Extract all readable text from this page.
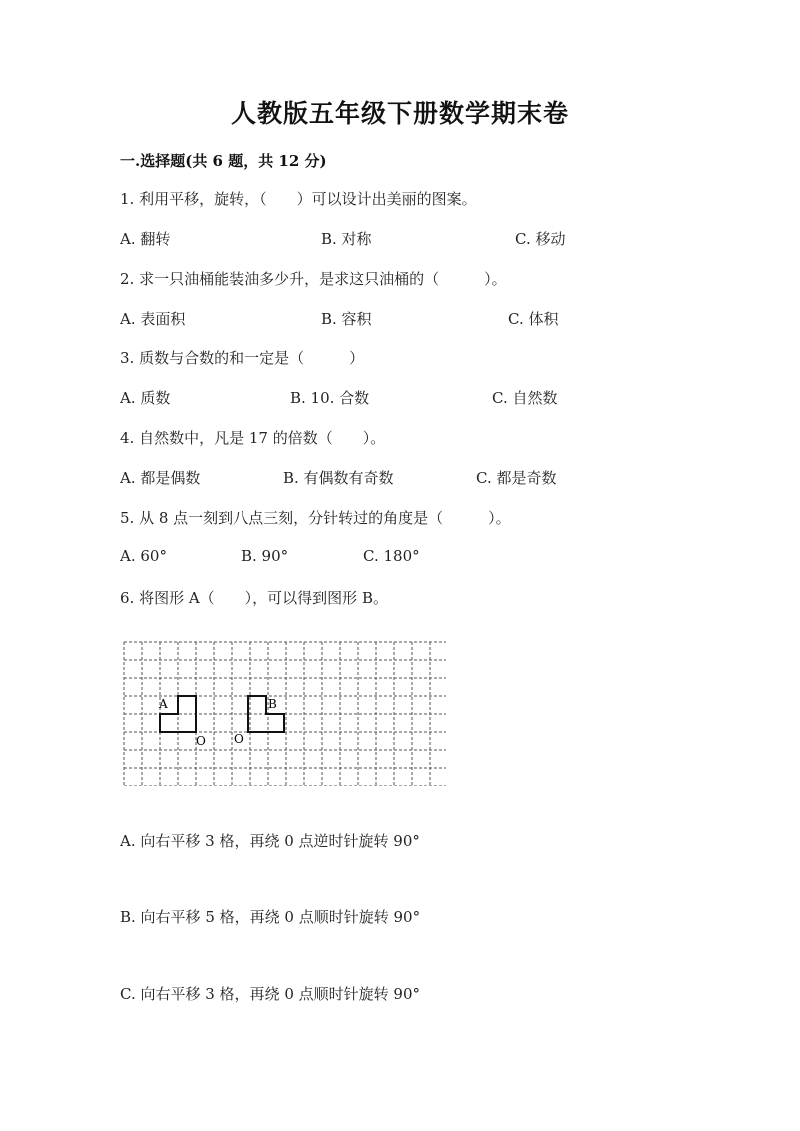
人教版五年级下册数学期末卷
一.选择题(共 6 题，共 12 分)
1. 利用平移，旋转，（　　）可以设计出美丽的图案。
A. 翻转	B. 对称	C. 移动
2. 求一只油桶能装油多少升，是求这只油桶的（　　　）。
A. 表面积	B. 容积	C. 体积
3. 质数与合数的和一定是（　　　）
A. 质数	B. 10. 合数	C. 自然数
4. 自然数中，凡是 17 的倍数（　　）。
A. 都是偶数	B. 有偶数有奇数	C. 都是奇数
5. 从 8 点一刻到八点三刻，分针转过的角度是（　　　）。
A. 60°	B. 90°	C. 180°
6. 将图形 A（　　），可以得到图形 B。
A	B
O O
A. 向右平移 3 格，再绕 0 点逆时针旋转 90°
B. 向右平移 5 格，再绕 0 点顺时针旋转 90°
C. 向右平移 3 格，再绕 0 点顺时针旋转 90°
